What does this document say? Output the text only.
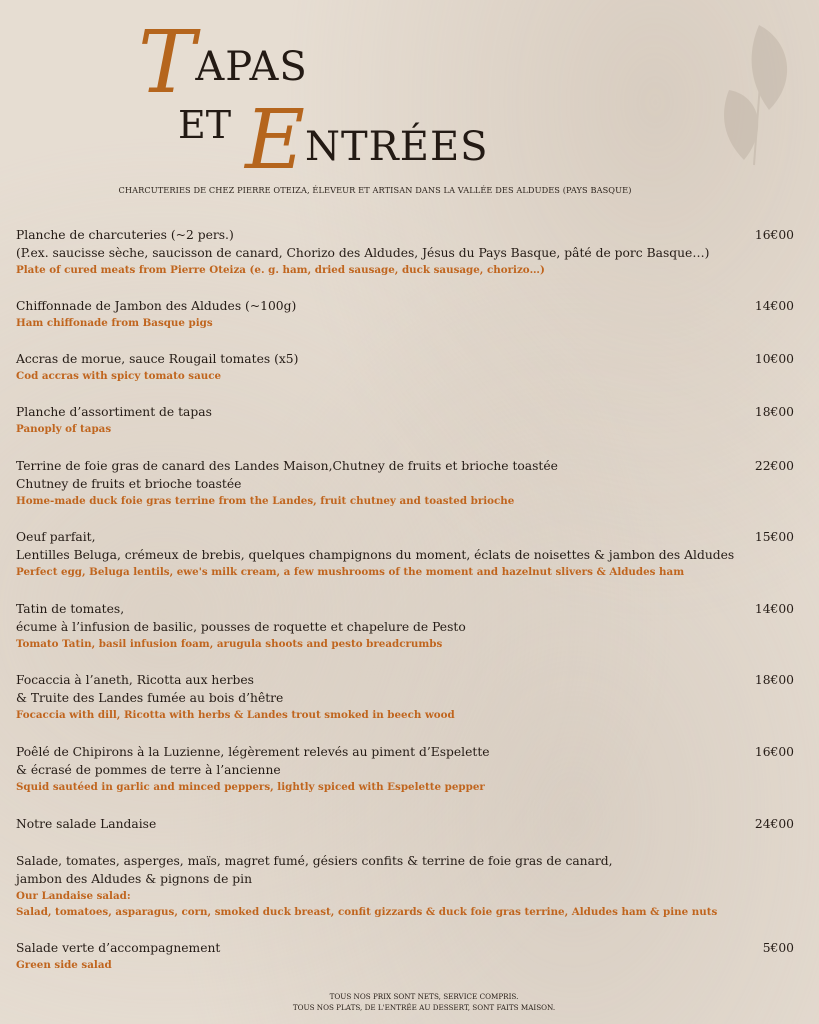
TAPAS
ET ENTRÉES
CHARCUTERIES DE CHEZ PIERRE OTEIZA, ÉLEVEUR ET ARTISAN DANS LA VALLÉE DES ALDUDES (PAYS BASQUE)
Planche de charcuteries (~2 pers.)
(P.ex. saucisse sèche, saucisson de canard, Chorizo des Aldudes, Jésus du Pays Basque, pâté de porc Basque…)
Plate of cured meats from Pierre Oteiza (e. g. ham, dried sausage, duck sausage, chorizo…)
16€00
Chiffonnade de Jambon des Aldudes (~100g)
Ham chiffonade from Basque pigs
14€00
Accras de morue, sauce Rougail tomates (x5)
Cod accras with spicy tomato sauce
10€00
Planche d’assortiment de tapas
Panoply of tapas
18€00
Terrine de foie gras de canard des Landes Maison,Chutney de fruits et brioche toastée
Chutney de fruits et brioche toastée
Home-made duck foie gras terrine from the Landes, fruit chutney and toasted brioche
22€00
Oeuf parfait,
Lentilles Beluga, crémeux de brebis, quelques champignons du moment, éclats de noisettes & jambon des Aldudes
Perfect egg, Beluga lentils, ewe's milk cream, a few mushrooms of the moment and hazelnut slivers & Aldudes ham
15€00
Tatin de tomates,
écume à l’infusion de basilic, pousses de roquette et chapelure de Pesto
Tomato Tatin, basil infusion foam, arugula shoots and pesto breadcrumbs
14€00
Focaccia à l’aneth, Ricotta aux herbes
& Truite des Landes fumée au bois d’hêtre
Focaccia with dill, Ricotta with herbs & Landes trout smoked in beech wood
18€00
Poêlé de Chipirons à la Luzienne, légèrement relevés au piment d’Espelette
& écrasé de pommes de terre à l’ancienne
Squid sautéed in garlic and minced peppers, lightly spiced with Espelette pepper
16€00
Notre salade Landaise	24€00
Salade, tomates, asperges, maïs, magret fumé, gésiers confits & terrine de foie gras de canard,
jambon des Aldudes & pignons de pin
Our Landaise salad:
Salad, tomatoes, asparagus, corn, smoked duck breast, confit gizzards & duck foie gras terrine, Aldudes ham & pine nuts
Salade verte d’accompagnement
Green side salad
5€00
TOUS NOS PRIX SONT NETS, SERVICE COMPRIS.
TOUS NOS PLATS, DE L'ENTRÉE AU DESSERT, SONT FAITS MAISON.
